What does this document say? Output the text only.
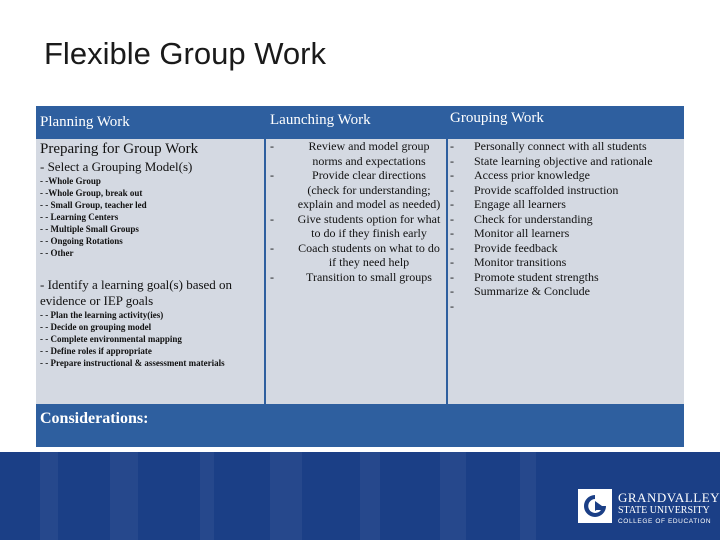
Flexible Group Work
Planning Work	Launching Work	Grouping Work
Preparing for Group Work
- Select a Grouping Model(s)
- -Whole Group
- -Whole Group, break out
- - Small Group, teacher led
- - Learning Centers
- - Multiple Small Groups
- - Ongoing Rotations
- - Other
- Identify a learning goal(s) based on
evidence or IEP goals
- - Plan the learning activity(ies)
- - Decide on grouping model
- - Complete environmental mapping
- - Define roles if appropriate
- - Prepare instructional & assessment materials
-
-
-
-
-
Review and model group
norms and expectations
Provide clear directions
(check for understanding;
explain and model as needed)
Give students option for what
to do if they finish early
Coach students on what to do
if they need help
Transition to small groups
-
-
-
-
-
-
-
-
-
-
-
-
Personally connect with all students
State learning objective and rationale
Access prior knowledge
Provide scaffolded instruction
Engage all learners
Check for understanding
Monitor all learners
Provide feedback
Monitor transitions
Promote student strengths
Summarize & Conclude
Considerations:
GRANDVALLEY
STATE UNIVERSITY
COLLEGE OF EDUCATION
